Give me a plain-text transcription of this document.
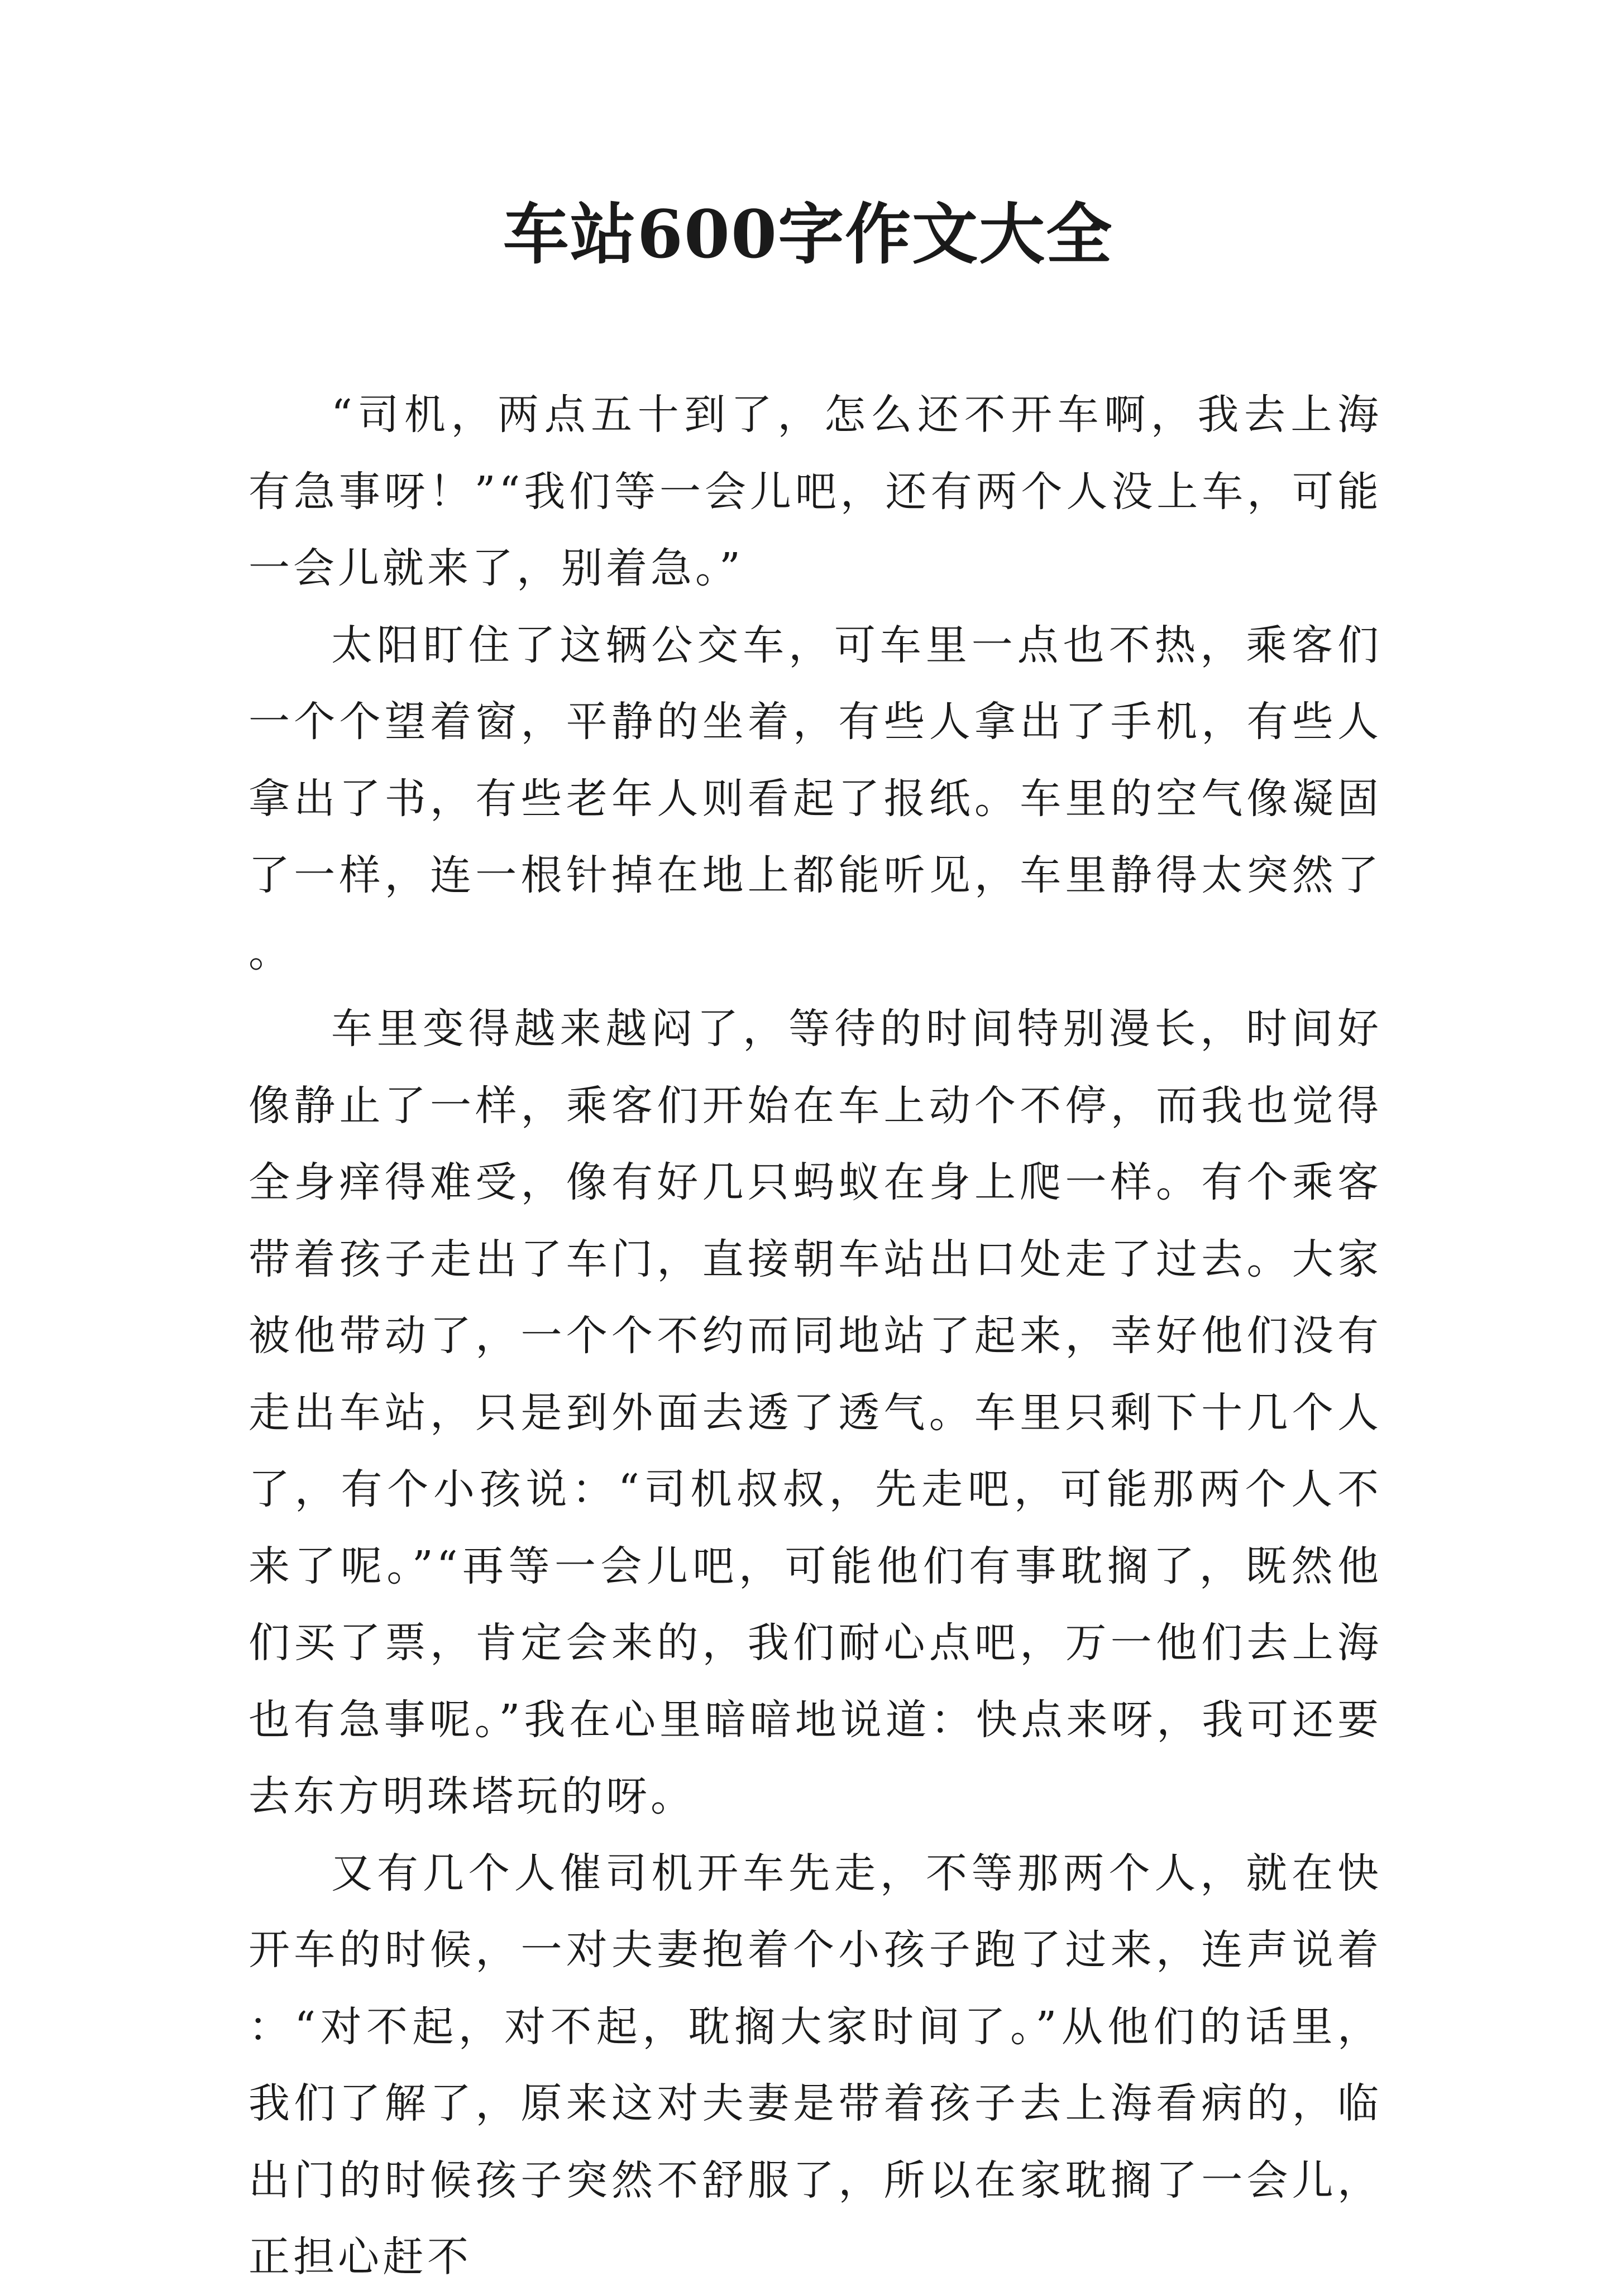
车站600字作文大全

“司机，两点五十到了，怎么还不开车啊，我去上海有急事呀！”“我们等一会儿吧，还有两个人没上车，可能一会儿就来了，别着急。”

太阳盯住了这辆公交车，可车里一点也不热，乘客们一个个望着窗，平静的坐着，有些人拿出了手机，有些人拿出了书，有些老年人则看起了报纸。车里的空气像凝固了一样，连一根针掉在地上都能听见，车里静得太突然了。

车里变得越来越闷了，等待的时间特别漫长，时间好像静止了一样，乘客们开始在车上动个不停，而我也觉得全身痒得难受，像有好几只蚂蚁在身上爬一样。有个乘客带着孩子走出了车门，直接朝车站出口处走了过去。大家被他带动了，一个个不约而同地站了起来，幸好他们没有走出车站，只是到外面去透了透气。车里只剩下十几个人了，有个小孩说：“司机叔叔，先走吧，可能那两个人不来了呢。”“再等一会儿吧，可能他们有事耽搁了，既然他们买了票，肯定会来的，我们耐心点吧，万一他们去上海也有急事呢。”我在心里暗暗地说道：快点来呀，我可还要去东方明珠塔玩的呀。

又有几个人催司机开车先走，不等那两个人，就在快开车的时候，一对夫妻抱着个小孩子跑了过来，连声说着：“对不起，对不起，耽搁大家时间了。”从他们的话里，我们了解了，原来这对夫妻是带着孩子去上海看病的，临出门的时候孩子突然不舒服了，所以在家耽搁了一会儿，正担心赶不
